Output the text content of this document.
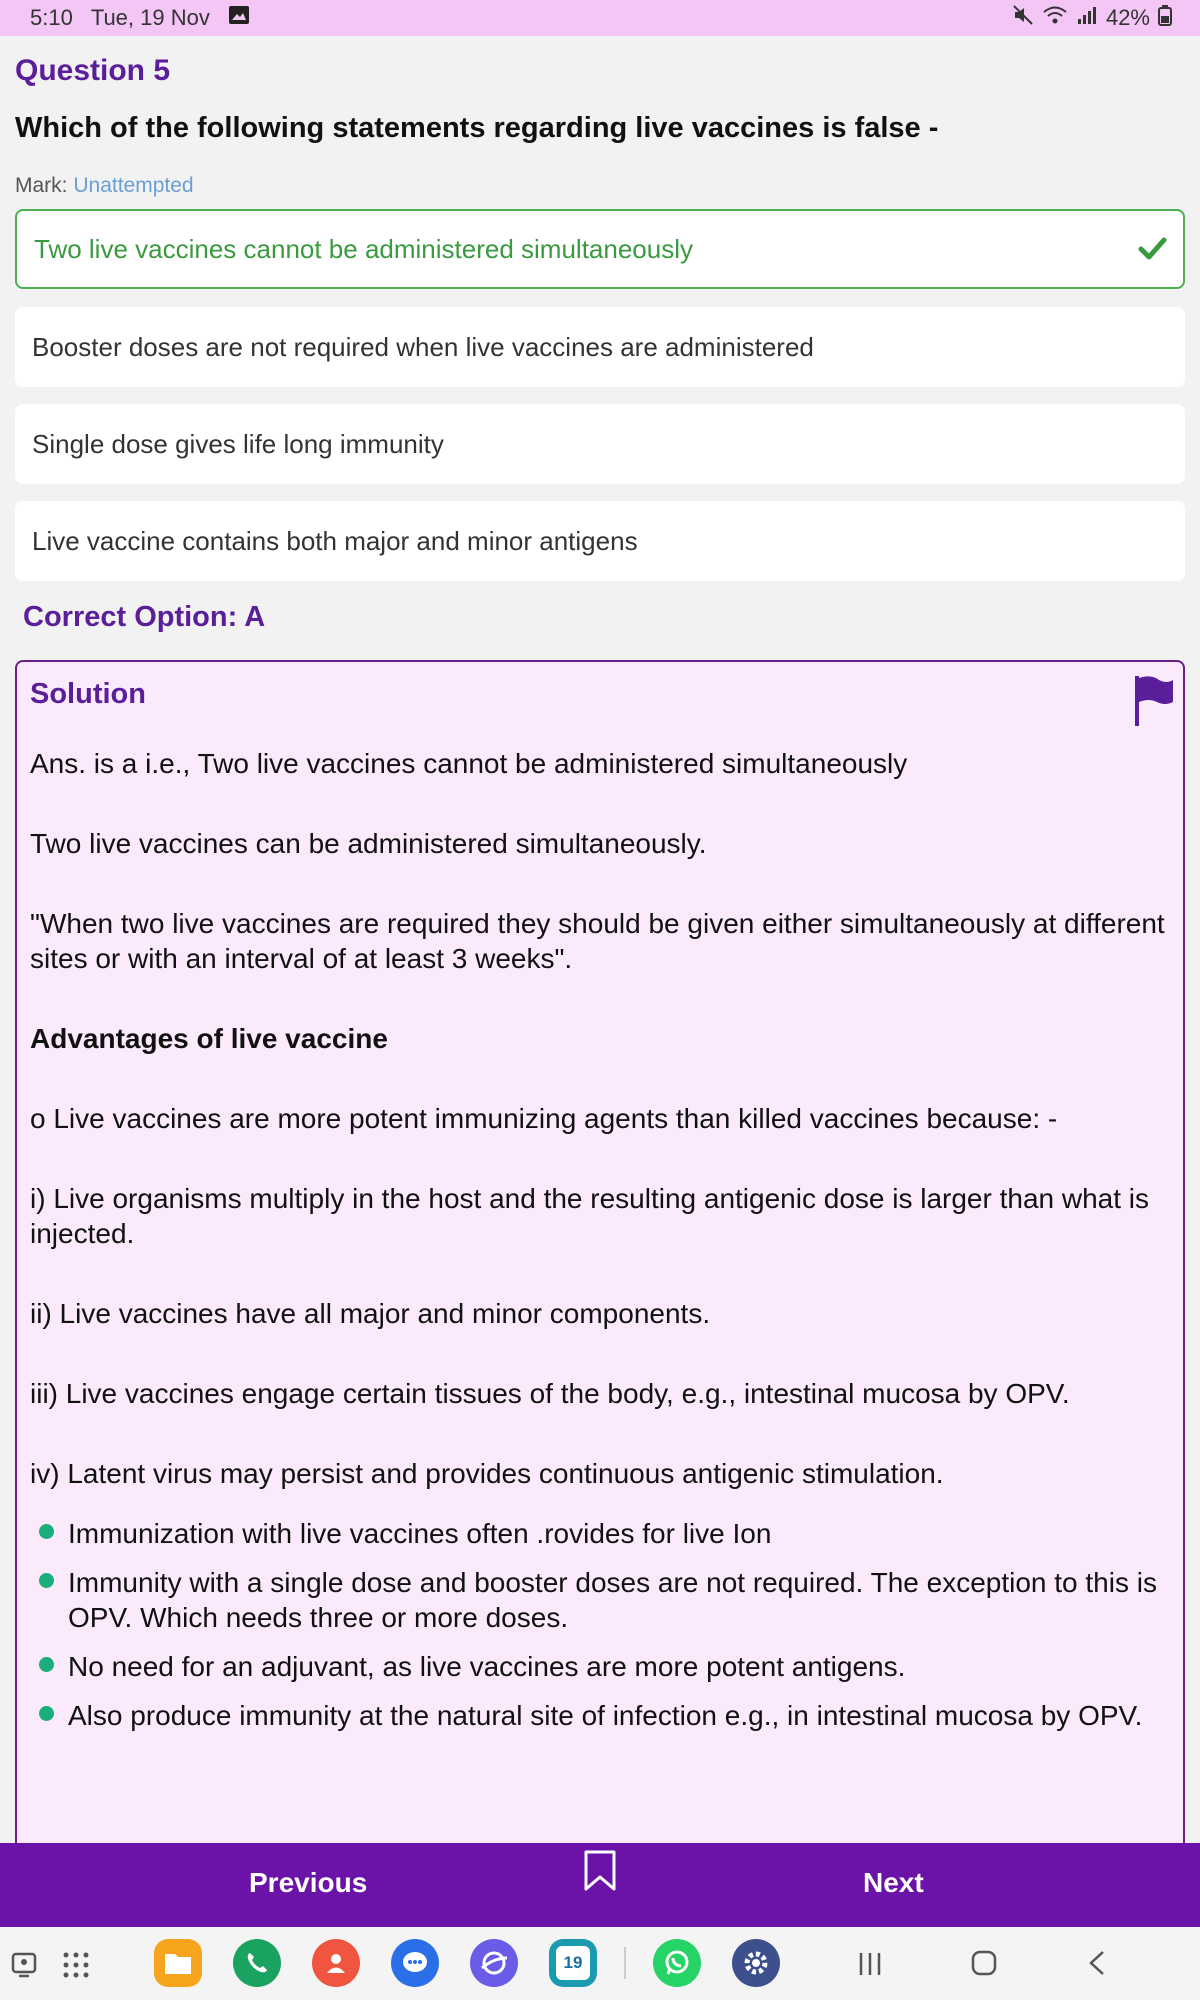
5:10 Tue, 19 Nov	42%
Question 5
Which of the following statements regarding live vaccines is false -
Mark: Unattempted
Two live vaccines cannot be administered simultaneously
Booster doses are not required when live vaccines are administered
Single dose gives life long immunity
Live vaccine contains both major and minor antigens
Correct Option: A
Solution

Ans. is a i.e., Two live vaccines cannot be administered simultaneously

Two live vaccines can be administered simultaneously.

"When two live vaccines are required they should be given either simultaneously at different sites or with an interval of at least 3 weeks".

Advantages of live vaccine

o Live vaccines are more potent immunizing agents than killed vaccines because: -

i) Live organisms multiply in the host and the resulting antigenic dose is larger than what is injected.

ii) Live vaccines have all major and minor components.

iii) Live vaccines engage certain tissues of the body, e.g., intestinal mucosa by OPV.

iv) Latent virus may persist and provides continuous antigenic stimulation.

Immunization with live vaccines often .rovides for live Ion
Immunity with a single dose and booster doses are not required. The exception to this is OPV. Which needs three or more doses.
No need for an adjuvant, as live vaccines are more potent antigens.
Also produce immunity at the natural site of infection e.g., in intestinal mucosa by OPV.
Previous	Next
19
